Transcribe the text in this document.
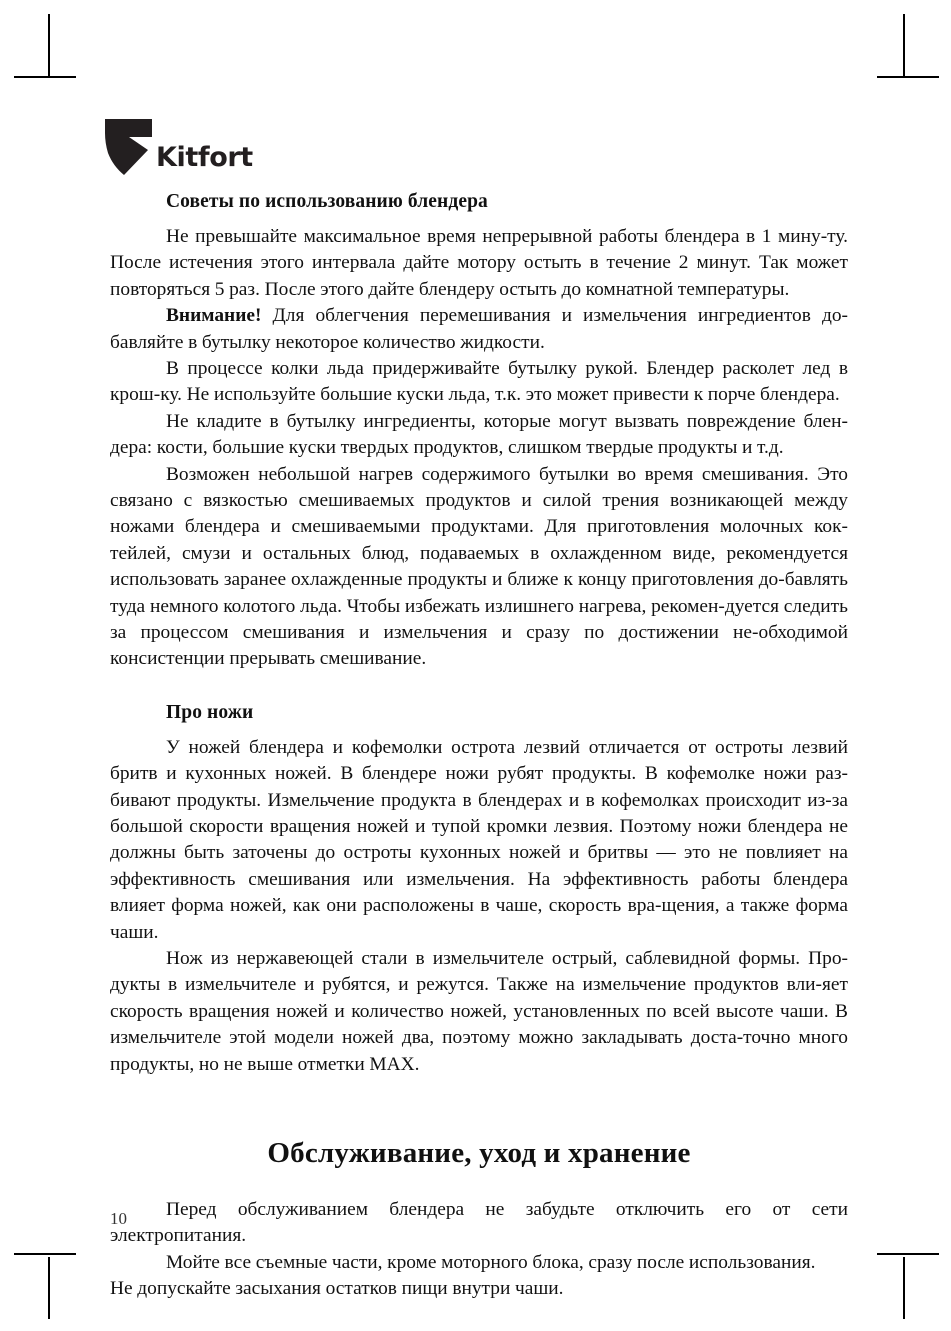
Kitfort
Советы по использованию блендера

Не превышайте максимальное время непрерывной работы блендера в 1 мину-ту. После истечения этого интервала дайте мотору остыть в течение 2 минут. Так может повторяться 5 раз. После этого дайте блендеру остыть до комнатной температуры.

Внимание! Для облегчения перемешивания и измельчения ингредиентов до-бавляйте в бутылку некоторое количество жидкости.

В процессе колки льда придерживайте бутылку рукой. Блендер расколет лед в крош-ку. Не используйте большие куски льда, т.к. это может привести к порче блендера.

Не кладите в бутылку ингредиенты, которые могут вызвать повреждение блен-дера: кости, большие куски твердых продуктов, слишком твердые продукты и т.д.

Возможен небольшой нагрев содержимого бутылки во время смешивания. Это связано с вязкостью смешиваемых продуктов и силой трения возникающей между ножами блендера и смешиваемыми продуктами. Для приготовления молочных кок-тейлей, смузи и остальных блюд, подаваемых в охлажденном виде, рекомендуется использовать заранее охлажденные продукты и ближе к концу приготовления до-бавлять туда немного колотого льда. Чтобы избежать излишнего нагрева, рекомен-дуется следить за процессом смешивания и измельчения и сразу по достижении не-обходимой консистенции прерывать смешивание.

Про ножи

У ножей блендера и кофемолки острота лезвий отличается от остроты лезвий бритв и кухонных ножей. В блендере ножи рубят продукты. В кофемолке ножи раз-бивают продукты. Измельчение продукта в блендерах и в кофемолках происходит из-за большой скорости вращения ножей и тупой кромки лезвия. Поэтому ножи блендера не должны быть заточены до остроты кухонных ножей и бритвы — это не повлияет на эффективность смешивания или измельчения. На эффективность работы блендера влияет форма ножей, как они расположены в чаше, скорость вра-щения, а также форма чаши.

Нож из нержавеющей стали в измельчителе острый, саблевидной формы. Про-дукты в измельчителе и рубятся, и режутся. Также на измельчение продуктов вли-яет скорость вращения ножей и количество ножей, установленных по всей высоте чаши. В измельчителе этой модели ножей два, поэтому можно закладывать доста-точно много продукты, но не выше отметки MAX.

Обслуживание, уход и хранение

Перед обслуживанием блендера не забудьте отключить его от сети электропитания.

Мойте все съемные части, кроме моторного блока, сразу после использования.

Не допускайте засыхания остатков пищи внутри чаши.

10
